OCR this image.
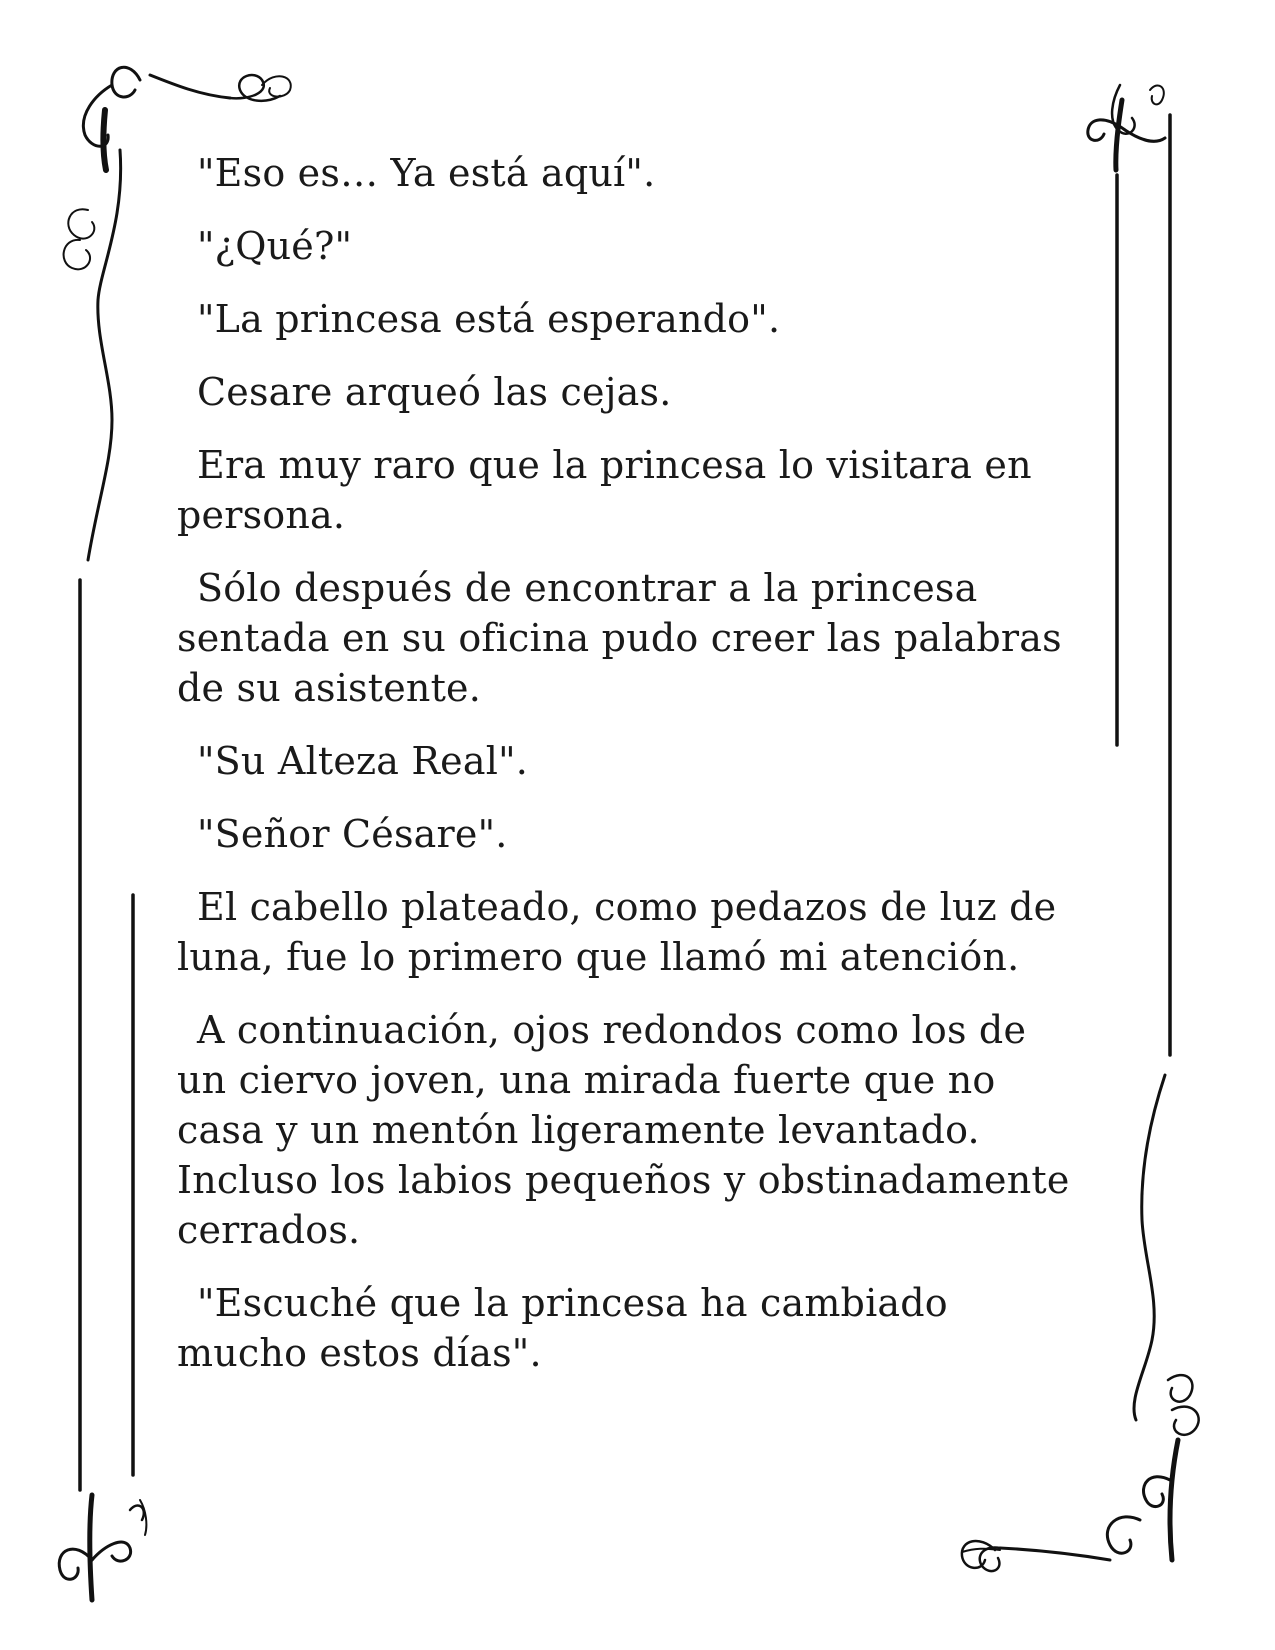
"Eso es… Ya está aquí".

"¿Qué?"

"La princesa está esperando".

Cesare arqueó las cejas.

Era muy raro que la princesa lo visitara en persona.

Sólo después de encontrar a la princesa sentada en su oficina pudo creer las palabras de su asistente.

"Su Alteza Real".

"Señor Césare".

El cabello plateado, como pedazos de luz de luna, fue lo primero que llamó mi atención.

A continuación, ojos redondos como los de un ciervo joven, una mirada fuerte que no casa y un mentón ligeramente levantado. Incluso los labios pequeños y obstinadamente cerrados.

"Escuché que la princesa ha cambiado mucho estos días".
